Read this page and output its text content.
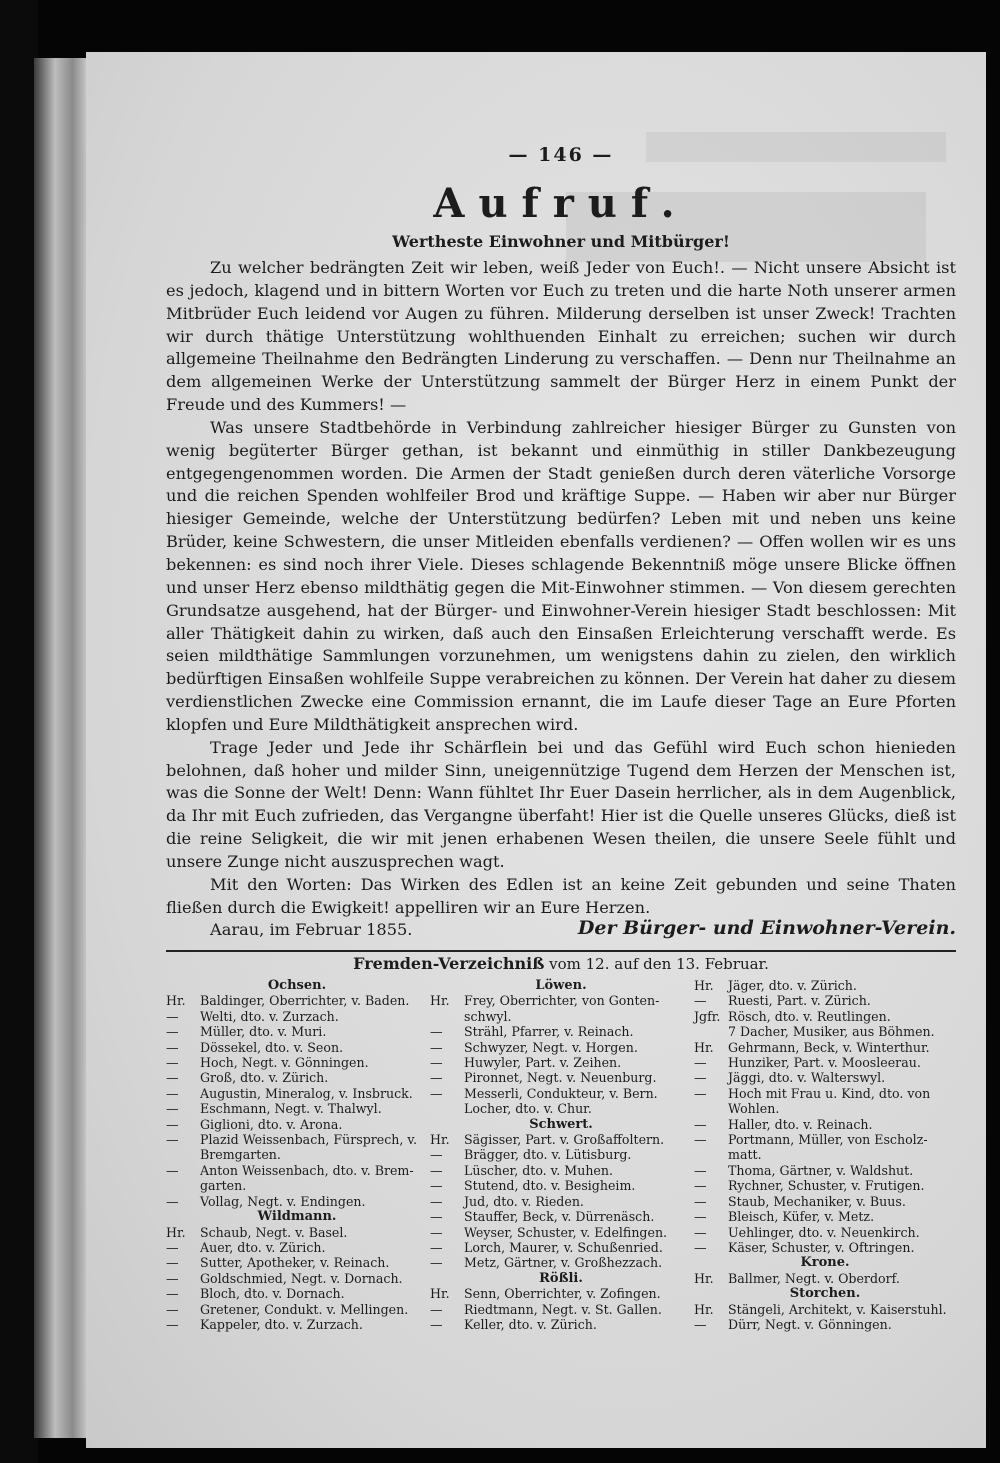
— 146 —
Aufruf.
Wertheste Einwohner und Mitbürger!

Zu welcher bedrängten Zeit wir leben, weiß Jeder von Euch!. — Nicht unsere Absicht ist es jedoch, klagend und in bittern Worten vor Euch zu treten und die harte Noth unserer armen Mitbrüder Euch leidend vor Augen zu führen. Milderung derselben ist unser Zweck! Trachten wir durch thätige Unterstützung wohlthuenden Einhalt zu erreichen; suchen wir durch allgemeine Theilnahme den Bedrängten Linderung zu verschaffen. — Denn nur Theilnahme an dem allgemeinen Werke der Unterstützung sammelt der Bürger Herz in einem Punkt der Freude und des Kummers! —

Was unsere Stadtbehörde in Verbindung zahlreicher hiesiger Bürger zu Gunsten von wenig begüterter Bürger gethan, ist bekannt und einmüthig in stiller Dankbezeugung entgegengenommen worden. Die Armen der Stadt genießen durch deren väterliche Vorsorge und die reichen Spenden wohlfeiler Brod und kräftige Suppe. — Haben wir aber nur Bürger hiesiger Gemeinde, welche der Unterstützung bedürfen? Leben mit und neben uns keine Brüder, keine Schwestern, die unser Mitleiden ebenfalls verdienen? — Offen wollen wir es uns bekennen: es sind noch ihrer Viele. Dieses schlagende Bekenntniß möge unsere Blicke öffnen und unser Herz ebenso mildthätig gegen die Mit-Einwohner stimmen. — Von diesem gerechten Grundsatze ausgehend, hat der Bürger- und Einwohner-Verein hiesiger Stadt beschlossen: Mit aller Thätigkeit dahin zu wirken, daß auch den Einsaßen Erleichterung verschafft werde. Es seien mildthätige Sammlungen vorzunehmen, um wenigstens dahin zu zielen, den wirklich bedürftigen Einsaßen wohlfeile Suppe verabreichen zu können. Der Verein hat daher zu diesem verdienstlichen Zwecke eine Commission ernannt, die im Laufe dieser Tage an Eure Pforten klopfen und Eure Mildthätigkeit ansprechen wird.

Trage Jeder und Jede ihr Schärflein bei und das Gefühl wird Euch schon hienieden belohnen, daß hoher und milder Sinn, uneigennützige Tugend dem Herzen der Menschen ist, was die Sonne der Welt! Denn: Wann fühltet Ihr Euer Dasein herrlicher, als in dem Augenblick, da Ihr mit Euch zufrieden, das Vergangne überfaht! Hier ist die Quelle unseres Glücks, dieß ist die reine Seligkeit, die wir mit jenen erhabenen Wesen theilen, die unsere Seele fühlt und unsere Zunge nicht auszusprechen wagt.

Mit den Worten: Das Wirken des Edlen ist an keine Zeit gebunden und seine Thaten fließen durch die Ewigkeit! appelliren wir an Eure Herzen.

Aarau, im Februar 1855.	Der Bürger- und Einwohner-Verein.
Fremden-Verzeichniß vom 12. auf den 13. Februar.
Ochsen.
Hr. Baldinger, Oberrichter, v. Baden.
— Welti, dto. v. Zurzach.
— Müller, dto. v. Muri.
— Dössekel, dto. v. Seon.
— Hoch, Negt. v. Gönningen.
— Groß, dto. v. Zürich.
— Augustin, Mineralog, v. Insbruck.
— Eschmann, Negt. v. Thalwyl.
— Giglioni, dto. v. Arona.
— Plazid Weissenbach, Fürsprech, v.
Bremgarten.
— Anton Weissenbach, dto. v. Brem-
garten.
— Vollag, Negt. v. Endingen.
Wildmann.
Hr. Schaub, Negt. v. Basel.
— Auer, dto. v. Zürich.
— Sutter, Apotheker, v. Reinach.
— Goldschmied, Negt. v. Dornach.
— Bloch, dto. v. Dornach.
— Gretener, Condukt. v. Mellingen.
— Kappeler, dto. v. Zurzach.
Löwen.
Hr. Frey, Oberrichter, von Gonten-
schwyl.
— Strähl, Pfarrer, v. Reinach.
— Schwyzer, Negt. v. Horgen.
— Huwyler, Part. v. Zeihen.
— Pironnet, Negt. v. Neuenburg.
— Messerli, Condukteur, v. Bern.
Locher, dto. v. Chur.
Schwert.
Hr. Sägisser, Part. v. Großaffoltern.
— Brägger, dto. v. Lütisburg.
— Lüscher, dto. v. Muhen.
— Stutend, dto. v. Besigheim.
— Jud, dto. v. Rieden.
— Stauffer, Beck, v. Dürrenäsch.
— Weyser, Schuster, v. Edelfingen.
— Lorch, Maurer, v. Schußenried.
— Metz, Gärtner, v. Großhezzach.
Rößli.
Hr. Senn, Oberrichter, v. Zofingen.
— Riedtmann, Negt. v. St. Gallen.
— Keller, dto. v. Zürich.
Hr. Jäger, dto. v. Zürich.
— Ruesti, Part. v. Zürich.
Jgfr. Rösch, dto. v. Reutlingen.
7 Dacher, Musiker, aus Böhmen.
Hr. Gehrmann, Beck, v. Winterthur.
— Hunziker, Part. v. Moosleerau.
— Jäggi, dto. v. Walterswyl.
— Hoch mit Frau u. Kind, dto. von
Wohlen.
— Haller, dto. v. Reinach.
— Portmann, Müller, von Escholz-
matt.
— Thoma, Gärtner, v. Waldshut.
— Rychner, Schuster, v. Frutigen.
— Staub, Mechaniker, v. Buus.
— Bleisch, Küfer, v. Metz.
— Uehlinger, dto. v. Neuenkirch.
— Käser, Schuster, v. Oftringen.
Krone.
Hr. Ballmer, Negt. v. Oberdorf.
Storchen.
Hr. Stängeli, Architekt, v. Kaiserstuhl.
— Dürr, Negt. v. Gönningen.
